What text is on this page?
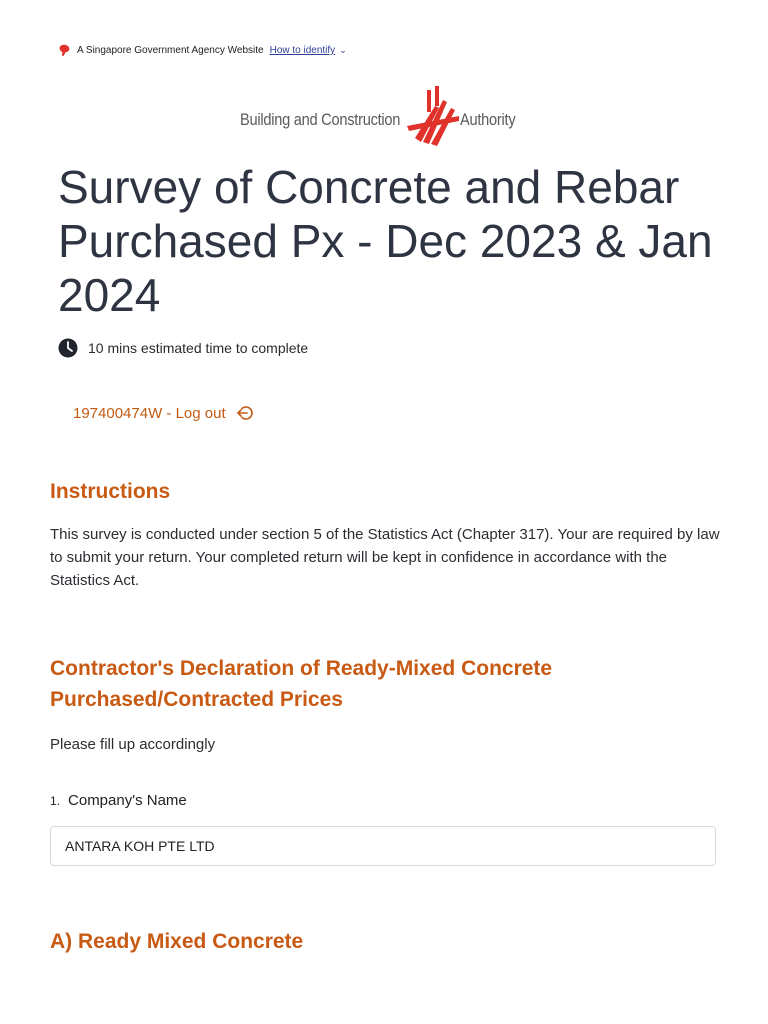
A Singapore Government Agency Website How to identify ⌄
Building and Construction	Authority
Survey of Concrete and Rebar Purchased Px - Dec 2023 & Jan 2024
10 mins estimated time to complete
197400474W - Log out
Instructions

This survey is conducted under section 5 of the Statistics Act (Chapter 317). Your are required by law to submit your return. Your completed return will be kept in confidence in accordance with the Statistics Act.

Contractor's Declaration of Ready-Mixed Concrete Purchased/Contracted Prices

Please fill up accordingly

1. Company's Name
ANTARA KOH PTE LTD
A) Ready Mixed Concrete
